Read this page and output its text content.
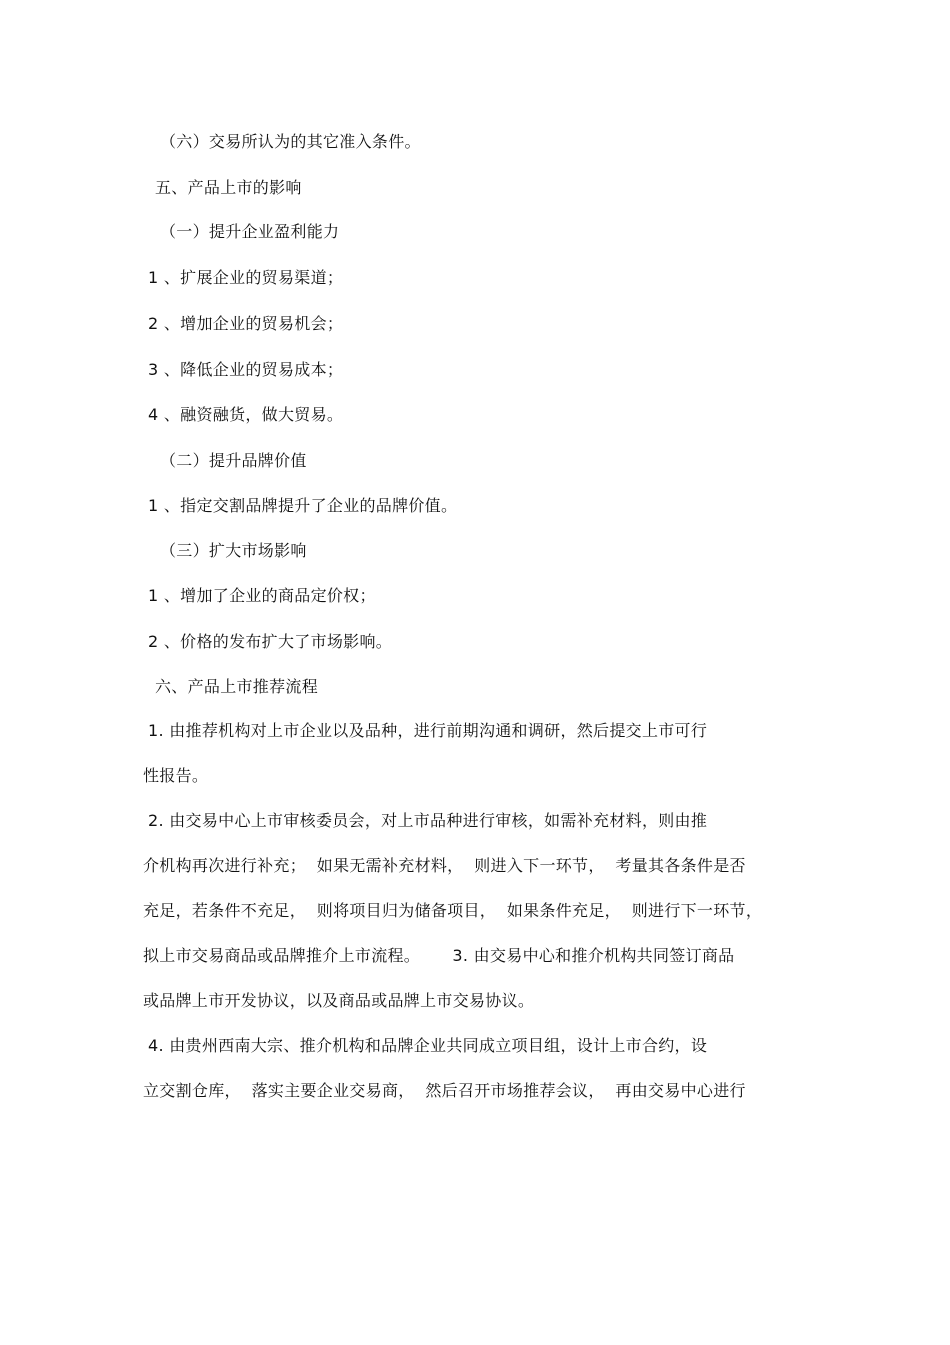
（六）交易所认为的其它准入条件。
五、产品上市的影响
（一）提升企业盈利能力
1 、扩展企业的贸易渠道；
2 、增加企业的贸易机会；
3 、降低企业的贸易成本；
4 、融资融货，做大贸易。
（二）提升品牌价值
1 、指定交割品牌提升了企业的品牌价值。
（三）扩大市场影响
1 、增加了企业的商品定价权；
2 、价格的发布扩大了市场影响。
六、产品上市推荐流程
1. 由推荐机构对上市企业以及品种，进行前期沟通和调研，然后提交上市可行
性报告。
2. 由交易中心上市审核委员会，对上市品种进行审核，如需补充材料，则由推
介机构再次进行补充；  如果无需补充材料，  则进入下一环节，  考量其各条件是否
充足，若条件不充足，  则将项目归为储备项目，  如果条件充足，  则进行下一环节，
拟上市交易商品或品牌推介上市流程。      3. 由交易中心和推介机构共同签订商品
或品牌上市开发协议，以及商品或品牌上市交易协议。
4. 由贵州西南大宗、推介机构和品牌企业共同成立项目组，设计上市合约，设
立交割仓库，  落实主要企业交易商，  然后召开市场推荐会议，  再由交易中心进行
